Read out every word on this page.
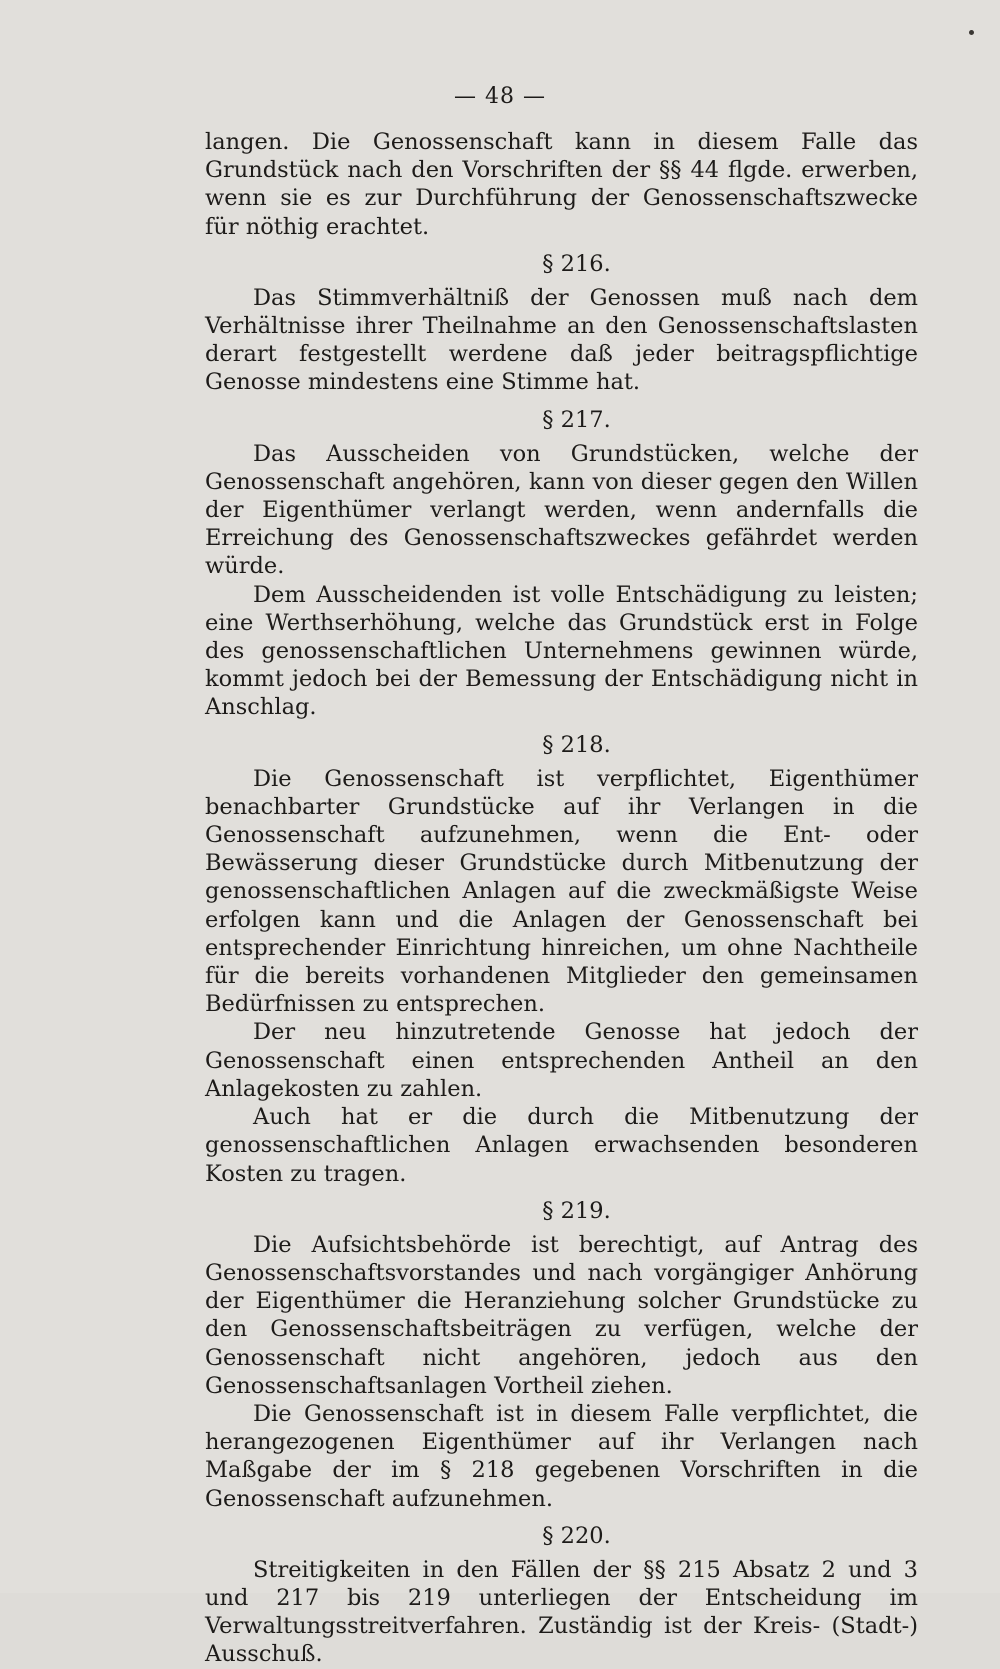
— 48 —

langen. Die Genossenschaft kann in diesem Falle das Grundstück nach den Vorschriften der §§ 44 flgde. erwerben, wenn sie es zur Durchführung der Genossenschaftszwecke für nöthig erachtet.

§ 216.

Das Stimmverhältniß der Genossen muß nach dem Verhältnisse ihrer Theilnahme an den Genossenschaftslasten derart festgestellt werdene daß jeder beitragspflichtige Genosse mindestens eine Stimme hat.

§ 217.

Das Ausscheiden von Grundstücken, welche der Genossenschaft angehören, kann von dieser gegen den Willen der Eigenthümer verlangt werden, wenn andernfalls die Erreichung des Genossenschaftszweckes gefährdet werden würde.

Dem Ausscheidenden ist volle Entschädigung zu leisten; eine Werthserhöhung, welche das Grundstück erst in Folge des genossenschaftlichen Unternehmens gewinnen würde, kommt jedoch bei der Bemessung der Entschädigung nicht in Anschlag.

§ 218.

Die Genossenschaft ist verpflichtet, Eigenthümer benachbarter Grundstücke auf ihr Verlangen in die Genossenschaft aufzunehmen, wenn die Ent- oder Bewässerung dieser Grundstücke durch Mitbenutzung der genossenschaftlichen Anlagen auf die zweckmäßigste Weise erfolgen kann und die Anlagen der Genossenschaft bei entsprechender Einrichtung hinreichen, um ohne Nachtheile für die bereits vorhandenen Mitglieder den gemeinsamen Bedürfnissen zu entsprechen.

Der neu hinzutretende Genosse hat jedoch der Genossenschaft einen entsprechenden Antheil an den Anlagekosten zu zahlen.

Auch hat er die durch die Mitbenutzung der genossenschaftlichen Anlagen erwachsenden besonderen Kosten zu tragen.

§ 219.

Die Aufsichtsbehörde ist berechtigt, auf Antrag des Genossenschaftsvorstandes und nach vorgängiger Anhörung der Eigenthümer die Heranziehung solcher Grundstücke zu den Genossenschaftsbeiträgen zu verfügen, welche der Genossenschaft nicht angehören, jedoch aus den Genossenschaftsanlagen Vortheil ziehen.

Die Genossenschaft ist in diesem Falle verpflichtet, die herangezogenen Eigenthümer auf ihr Verlangen nach Maßgabe der im § 218 gegebenen Vorschriften in die Genossenschaft aufzunehmen.

§ 220.

Streitigkeiten in den Fällen der §§ 215 Absatz 2 und 3 und 217 bis 219 unterliegen der Entscheidung im Verwaltungsstreitverfahren. Zuständig ist der Kreis- (Stadt-) Ausschuß.
